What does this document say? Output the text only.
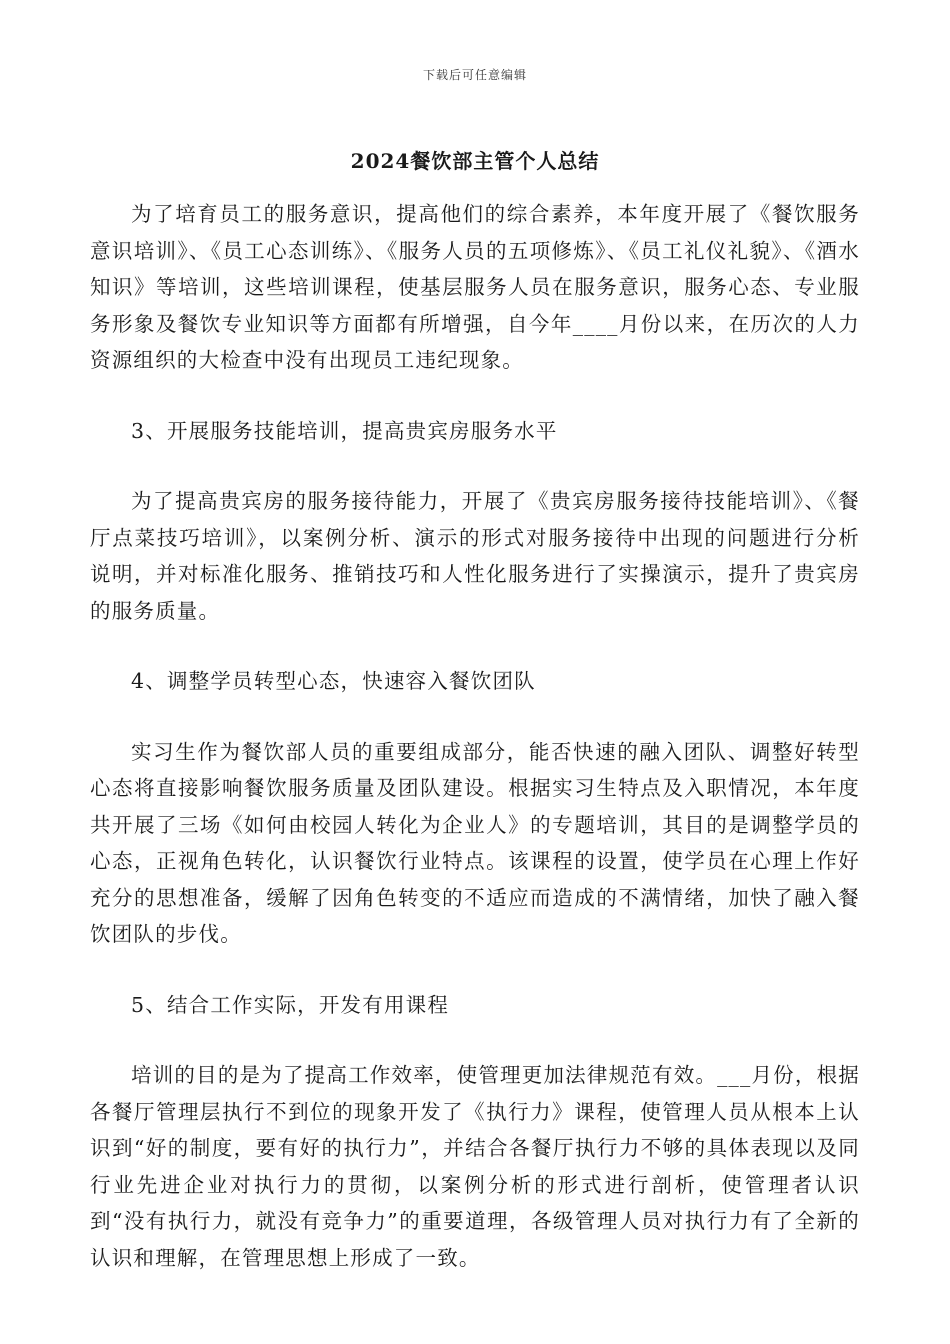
下载后可任意编辑
2024餐饮部主管个人总结

为了培育员工的服务意识，提高他们的综合素养，本年度开展了《餐饮服务意识培训》、《员工心态训练》、《服务人员的五项修炼》、《员工礼仪礼貌》、《酒水知识》等培训，这些培训课程，使基层服务人员在服务意识，服务心态、专业服务形象及餐饮专业知识等方面都有所增强，自今年____月份以来，在历次的人力 资源组织的大检查中没有出现员工违纪现象。

3、开展服务技能培训，提高贵宾房服务水平

为了提高贵宾房的服务接待能力，开展了《贵宾房服务接待技能培训》、《餐厅点菜技巧培训》，以案例分析、演示的形式对服务接待中出现的问题进行分析说明，并对标准化服务、推销技巧和人性化服务进行了实操演示，提升了贵宾房的服务质量。

4、调整学员转型心态，快速容入餐饮团队

实习生作为餐饮部人员的重要组成部分，能否快速的融入团队、调整好转型心态将直接影响餐饮服务质量及团队建设。根据实习生特点及入职情况，本年度共开展了三场《如何由校园人转化为企业人》的专题培训，其目的是调整学员的心态，正视角色转化，认识餐饮行业特点。该课程的设置，使学员在心理上作好充分的思想准备，缓解了因角色转变的不适应而造成的不满情绪，加快了融入餐饮团队的步伐。

5、结合工作实际，开发有用课程

培训的目的是为了提高工作效率，使管理更加法律规范有效。___月份，根据各餐厅管理层执行不到位的现象开发了《执行力》课程，使管理人员从根本上认识到“好的制度，要有好的执行力”，并结合各餐厅执行力不够的具体表现以及同行业先进企业对执行力的贯彻，以案例分析的形式进行剖析，使管理者认识到“没有执行力，就没有竞争力”的重要道理，各级管理人员对执行力有了全新的认识和理解，在管理思想上形成了一致。
